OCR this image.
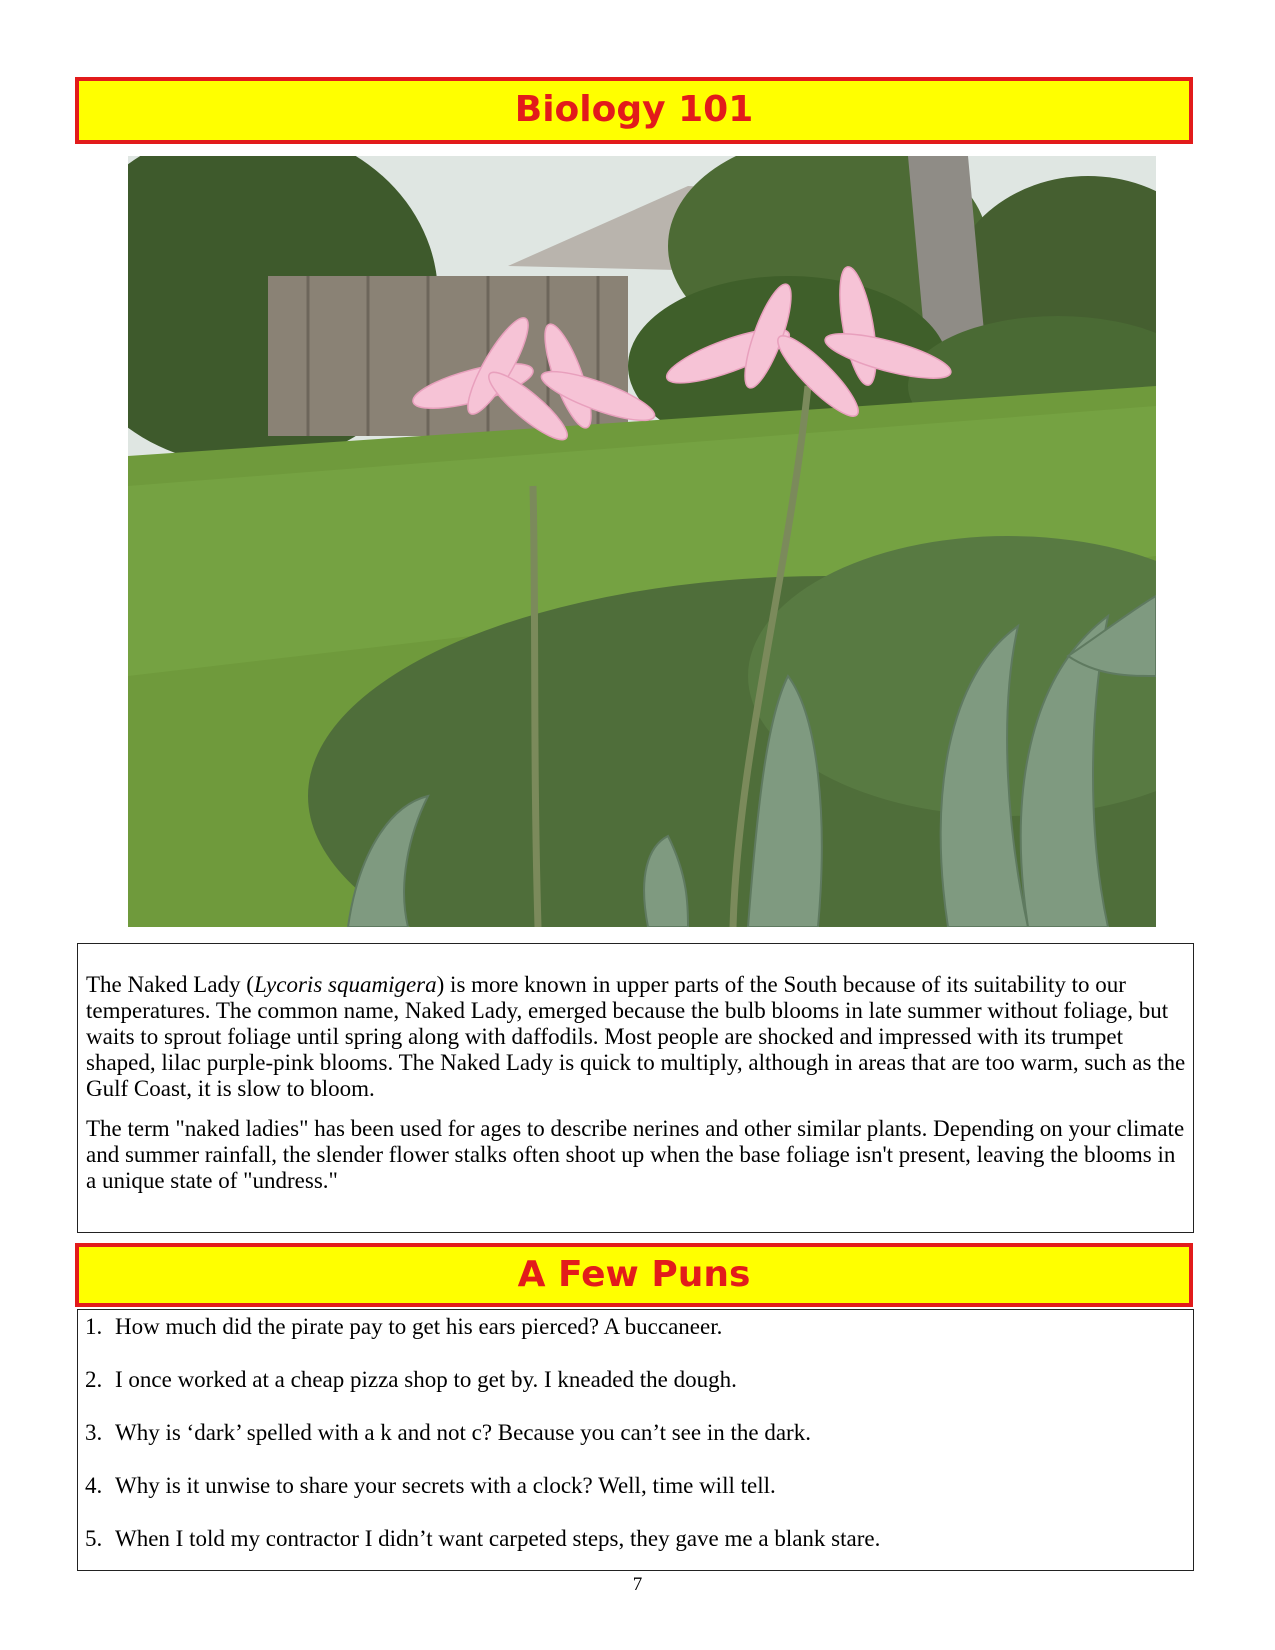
Biology 101

The Naked Lady (Lycoris squamigera) is more known in upper parts of the South because of its suitability to our temperatures. The common name, Naked Lady, emerged because the bulb blooms in late summer without foliage, but waits to sprout foliage until spring along with daffodils. Most people are shocked and impressed with its trumpet shaped, lilac purple-pink blooms. The Naked Lady is quick to multiply, although in areas that are too warm, such as the Gulf Coast, it is slow to bloom.

The term "naked ladies" has been used for ages to describe nerines and other similar plants. Depending on your climate and summer rainfall, the slender flower stalks often shoot up when the base foliage isn't present, leaving the blooms in a unique state of "undress."

A Few Puns
1. How much did the pirate pay to get his ears pierced? A buccaneer.
2. I once worked at a cheap pizza shop to get by. I kneaded the dough.
3. Why is ‘dark’ spelled with a k and not c? Because you can’t see in the dark.
4. Why is it unwise to share your secrets with a clock? Well, time will tell.
5. When I told my contractor I didn’t want carpeted steps, they gave me a blank stare.
7
